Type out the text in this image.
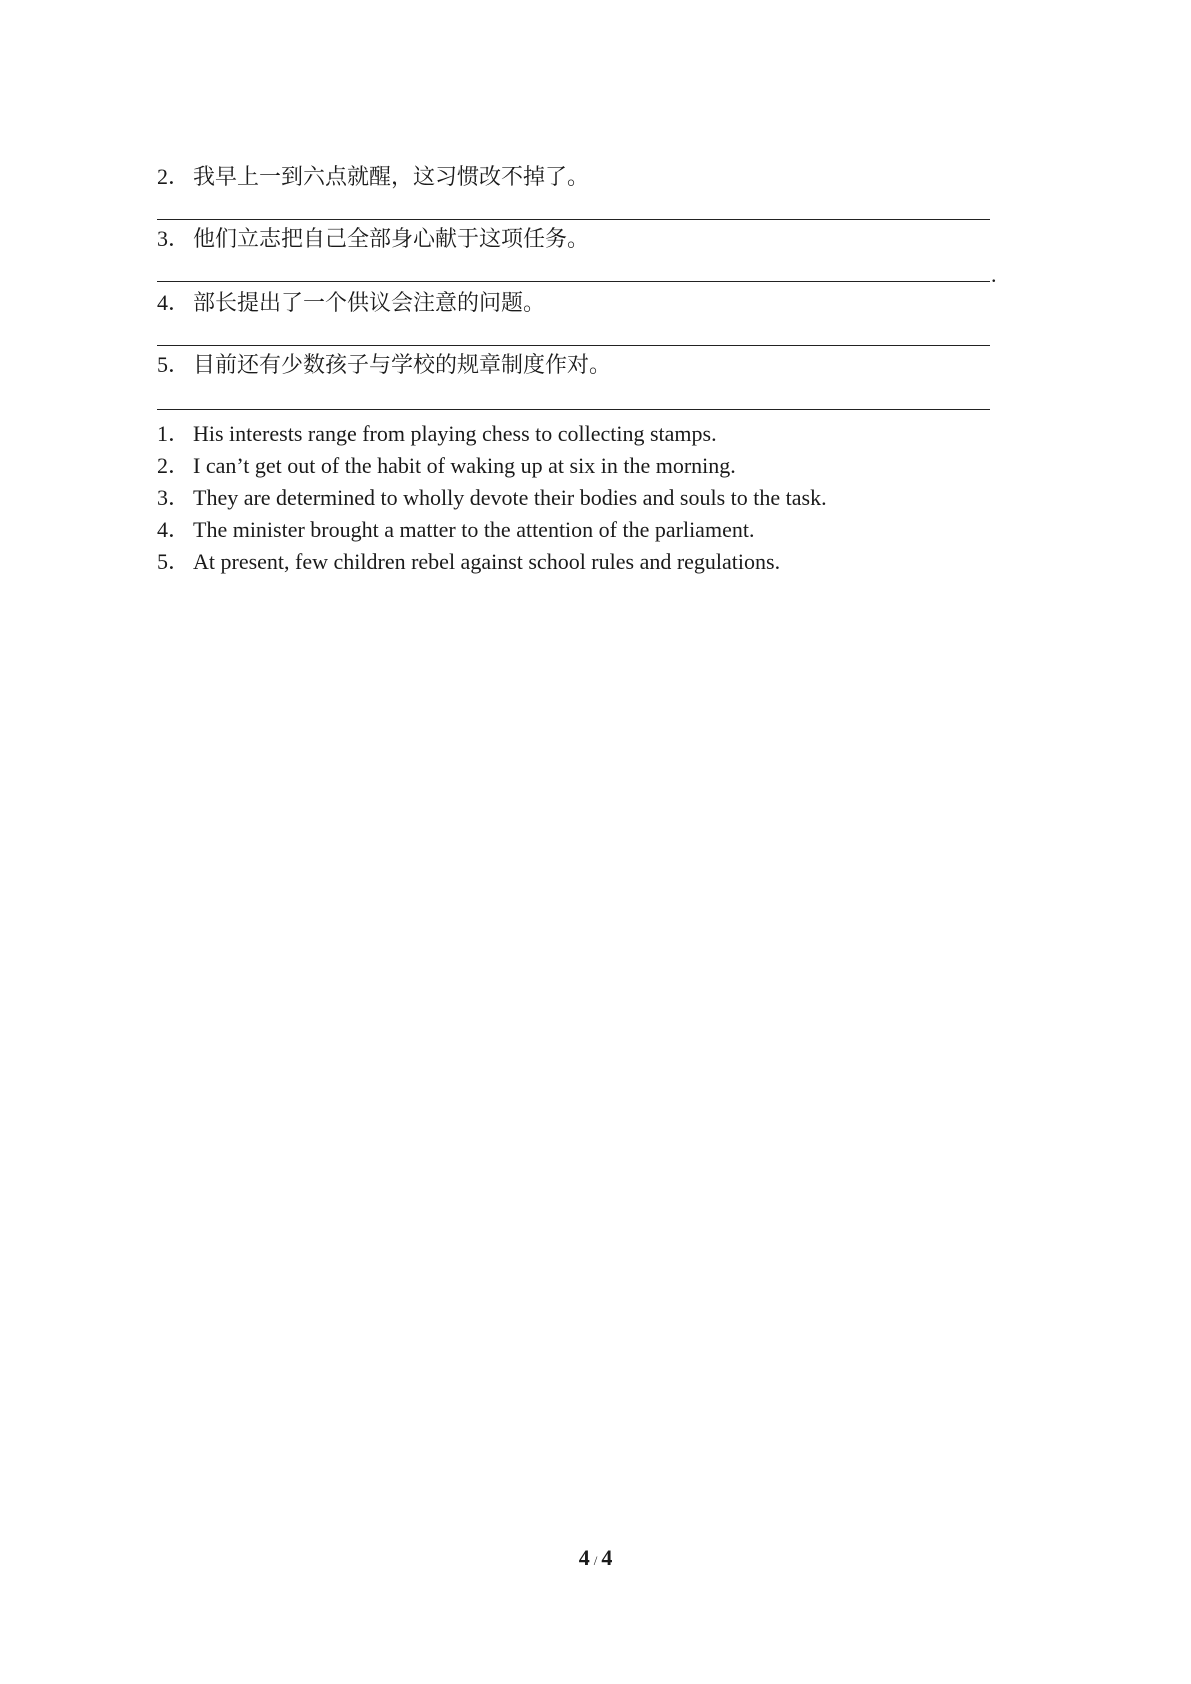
2． 我早上一到六点就醒，这习惯改不掉了。
3． 他们立志把自己全部身心献于这项任务。
.
4． 部长提出了一个供议会注意的问题。
5． 目前还有少数孩子与学校的规章制度作对。
1． His interests range from playing chess to collecting stamps.
2． I can’t get out of the habit of waking up at six in the morning.
3． They are determined to wholly devote their bodies and souls to the task.
4． The minister brought a matter to the attention of the parliament.
5． At present, few children rebel against school rules and regulations.
4 / 4
